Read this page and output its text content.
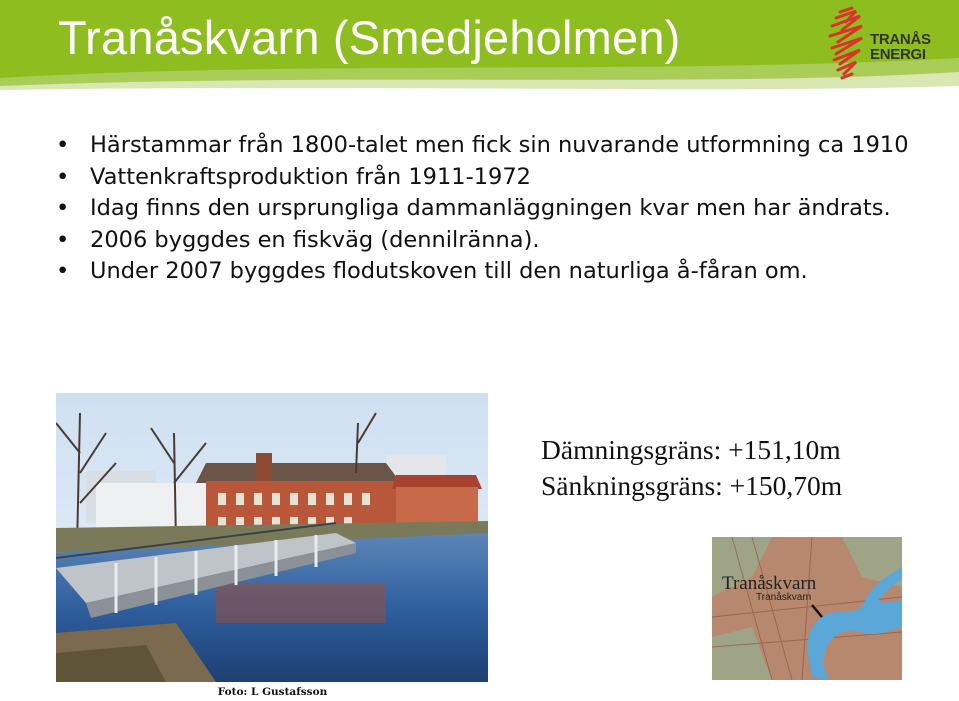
Tranåskvarn (Smedjeholmen)	TRANÅS
ENERGI
• Härstammar från 1800-talet men fick sin nuvarande utformning ca 1910
• Vattenkraftsproduktion från 1911-1972
• Idag finns den ursprungliga dammanläggningen kvar men har ändrats.
• 2006 byggdes en fiskväg (dennilränna).
• Under 2007 byggdes flodutskoven till den naturliga å-fåran om.
Foto: L Gustafsson
Dämningsgräns: +151,10m
Sänkningsgräns: +150,70m
Tranåskvarn
Tranåskvarn
